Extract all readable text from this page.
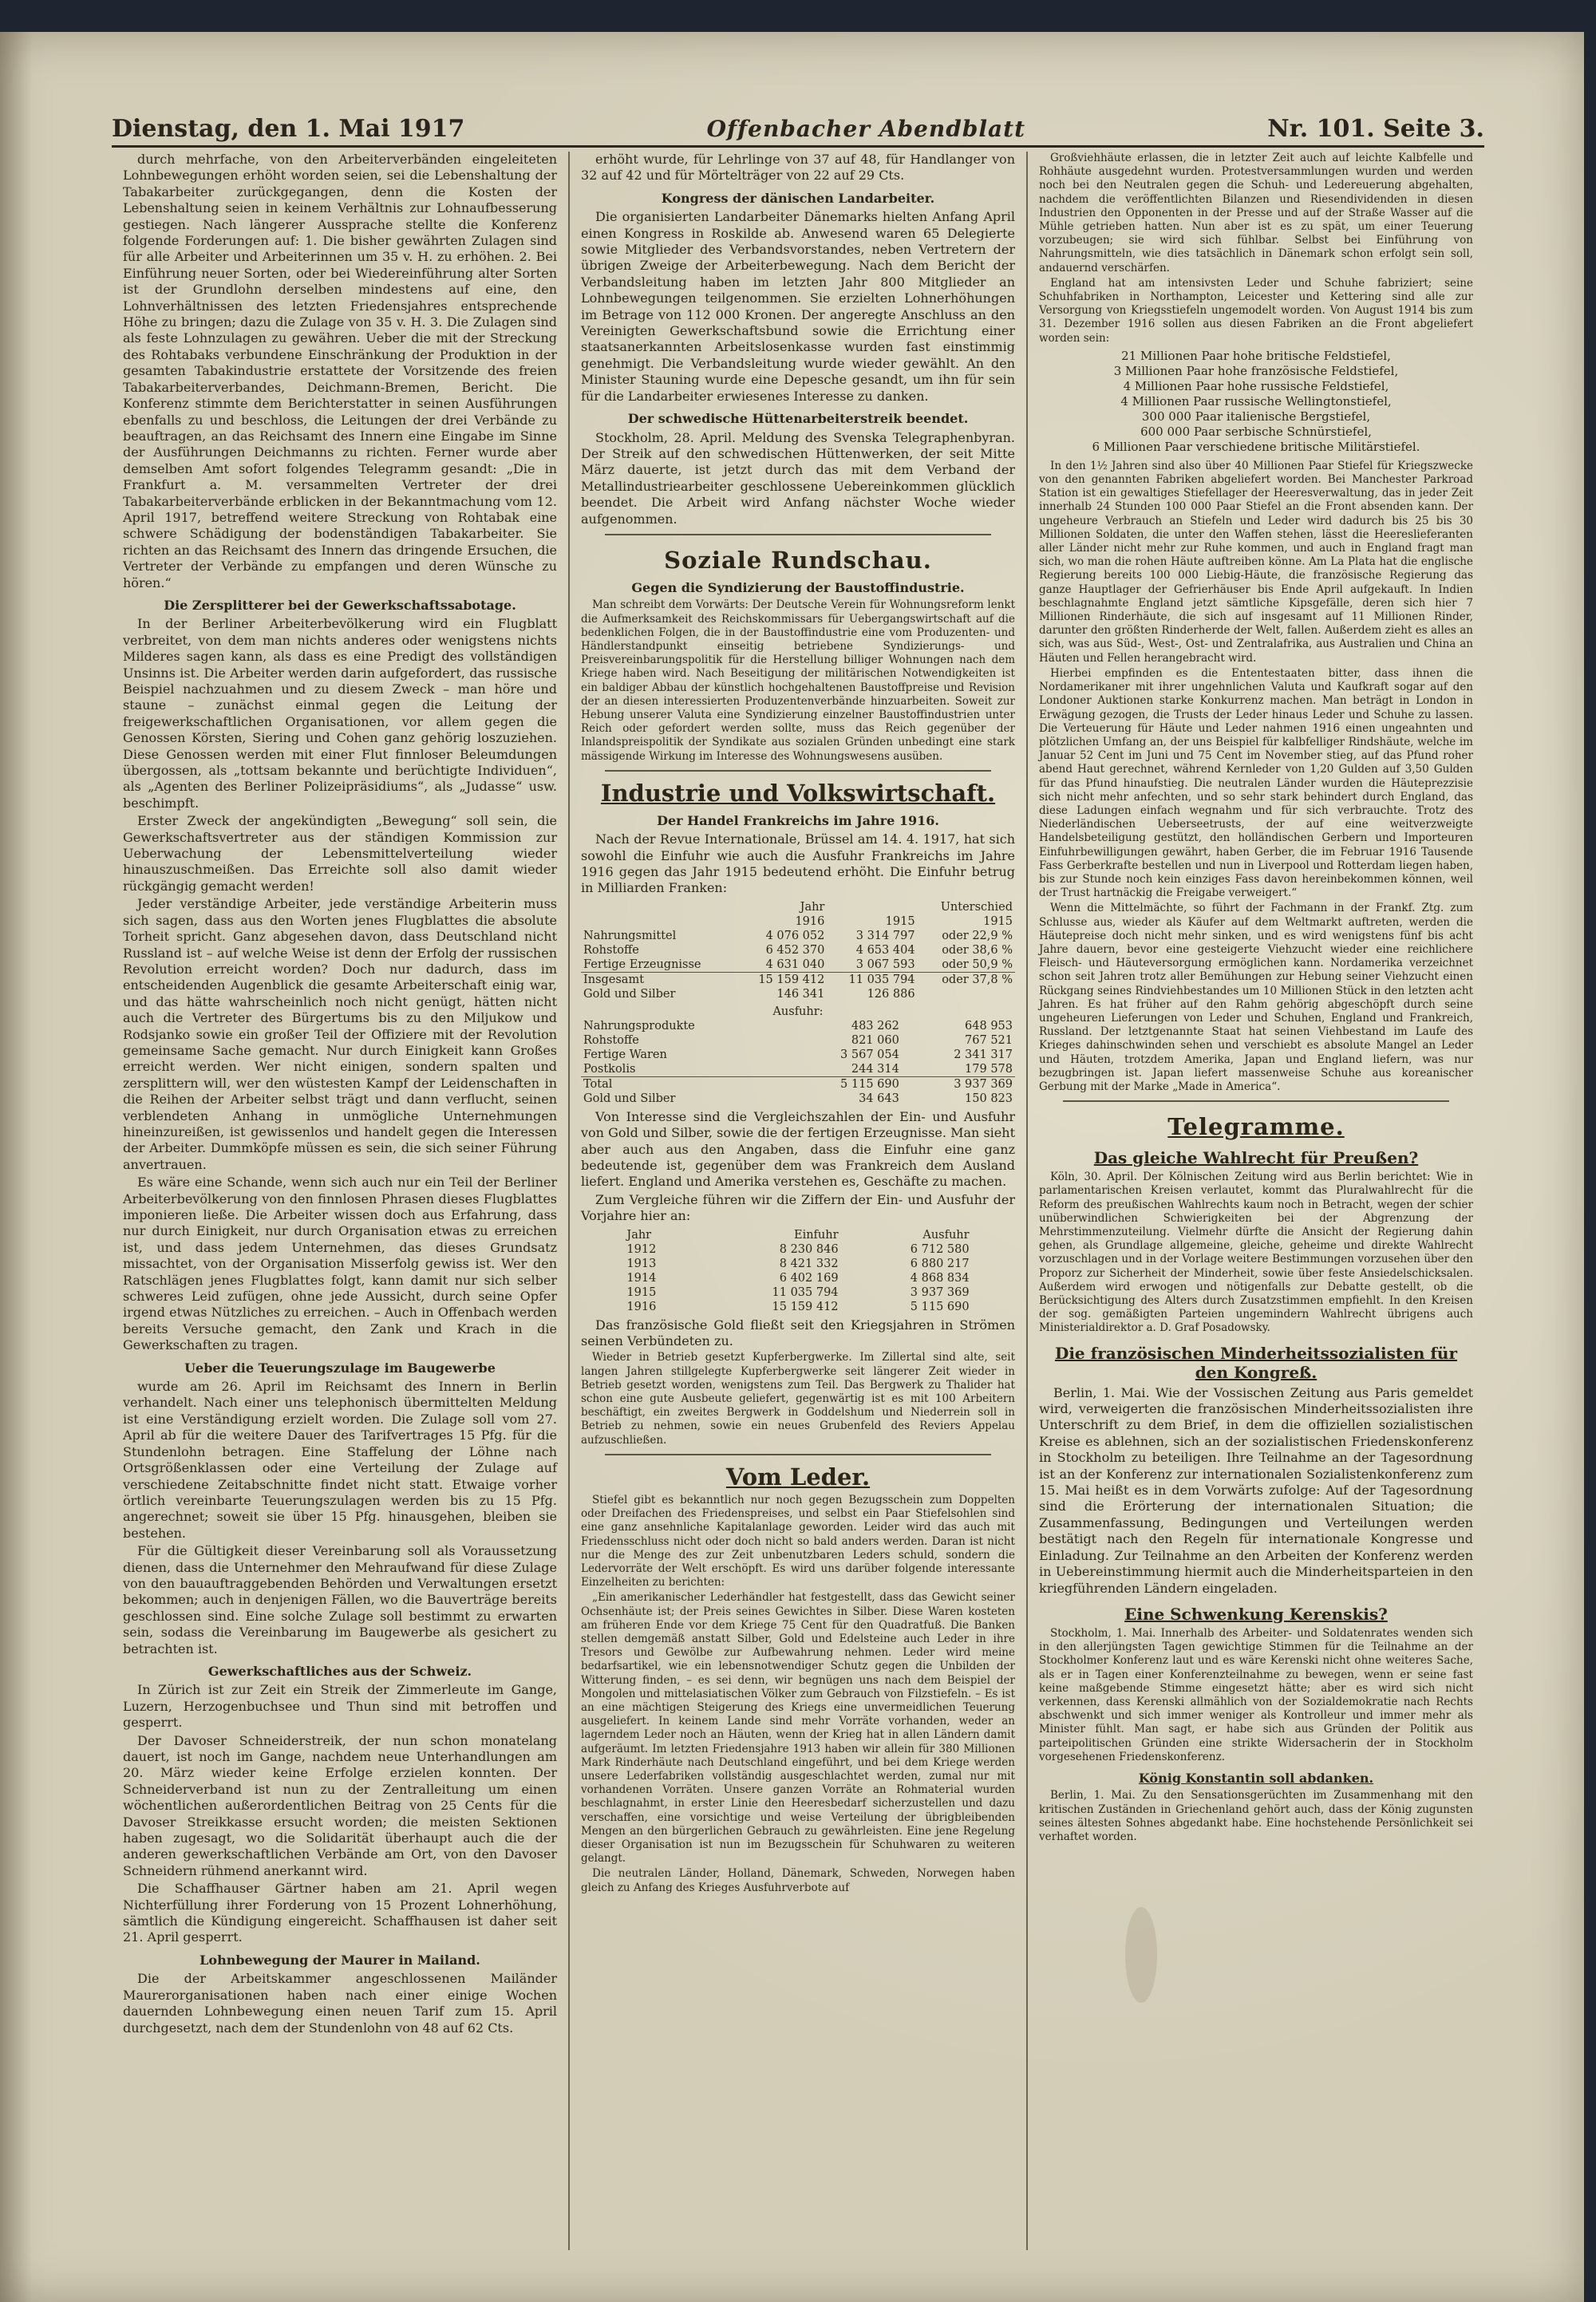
Dienstag, den 1. Mai 1917	Offenbacher Abendblatt	Nr. 101. Seite 3.

durch mehrfache, von den Arbeiterverbänden eingeleiteten Lohnbewegungen erhöht worden seien, sei die Lebenshaltung der Tabakarbeiter zurückgegangen, denn die Kosten der Lebenshaltung seien in keinem Verhältnis zur Lohnaufbesserung gestiegen. Nach längerer Aussprache stellte die Konferenz folgende Forderungen auf: 1. Die bisher gewährten Zulagen sind für alle Arbeiter und Arbeiterinnen um 35 v. H. zu erhöhen. 2. Bei Einführung neuer Sorten, oder bei Wiedereinführung alter Sorten ist der Grundlohn derselben mindestens auf eine, den Lohnverhältnissen des letzten Friedensjahres entsprechende Höhe zu bringen; dazu die Zulage von 35 v. H. 3. Die Zulagen sind als feste Lohnzulagen zu gewähren. Ueber die mit der Streckung des Rohtabaks verbundene Einschränkung der Produktion in der gesamten Tabakindustrie erstattete der Vorsitzende des freien Tabakarbeiterverbandes, Deichmann-Bremen, Bericht. Die Konferenz stimmte dem Berichterstatter in seinen Ausführungen ebenfalls zu und beschloss, die Leitungen der drei Verbände zu beauftragen, an das Reichsamt des Innern eine Eingabe im Sinne der Ausführungen Deichmanns zu richten. Ferner wurde aber demselben Amt sofort folgendes Telegramm gesandt: „Die in Frankfurt a. M. versammelten Vertreter der drei Tabakarbeiterverbände erblicken in der Bekanntmachung vom 12. April 1917, betreffend weitere Streckung von Rohtabak eine schwere Schädigung der bodenständigen Tabakarbeiter. Sie richten an das Reichsamt des Innern das dringende Ersuchen, die Vertreter der Verbände zu empfangen und deren Wünsche zu hören.“

Die Zersplitterer bei der Gewerkschaftssabotage.

In der Berliner Arbeiterbevölkerung wird ein Flugblatt verbreitet, von dem man nichts anderes oder wenigstens nichts Milderes sagen kann, als dass es eine Predigt des vollständigen Unsinns ist. Die Arbeiter werden darin aufgefordert, das russische Beispiel nachzuahmen und zu diesem Zweck – man höre und staune – zunächst einmal gegen die Leitung der freigewerkschaftlichen Organisationen, vor allem gegen die Genossen Körsten, Siering und Cohen ganz gehörig loszuziehen. Diese Genossen werden mit einer Flut finnloser Beleumdungen übergossen, als „tottsam bekannte und berüchtigte Individuen“, als „Agenten des Berliner Polizeipräsidiums“, als „Judasse“ usw. beschimpft.

Erster Zweck der angekündigten „Bewegung“ soll sein, die Gewerkschaftsvertreter aus der ständigen Kommission zur Ueberwachung der Lebensmittelverteilung wieder hinauszuschmeißen. Das Erreichte soll also damit wieder rückgängig gemacht werden!

Jeder verständige Arbeiter, jede verständige Arbeiterin muss sich sagen, dass aus den Worten jenes Flugblattes die absolute Torheit spricht. Ganz abgesehen davon, dass Deutschland nicht Russland ist – auf welche Weise ist denn der Erfolg der russischen Revolution erreicht worden? Doch nur dadurch, dass im entscheidenden Augenblick die gesamte Arbeiterschaft einig war, und das hätte wahrscheinlich noch nicht genügt, hätten nicht auch die Vertreter des Bürgertums bis zu den Miljukow und Rodsjanko sowie ein großer Teil der Offiziere mit der Revolution gemeinsame Sache gemacht. Nur durch Einigkeit kann Großes erreicht werden. Wer nicht einigen, sondern spalten und zersplittern will, wer den wüstesten Kampf der Leidenschaften in die Reihen der Arbeiter selbst trägt und dann verflucht, seinen verblendeten Anhang in unmögliche Unternehmungen hineinzureißen, ist gewissenlos und handelt gegen die Interessen der Arbeiter. Dummköpfe müssen es sein, die sich seiner Führung anvertrauen.

Es wäre eine Schande, wenn sich auch nur ein Teil der Berliner Arbeiterbevölkerung von den finnlosen Phrasen dieses Flugblattes imponieren ließe. Die Arbeiter wissen doch aus Erfahrung, dass nur durch Einigkeit, nur durch Organisation etwas zu erreichen ist, und dass jedem Unternehmen, das dieses Grundsatz missachtet, von der Organisation Misserfolg gewiss ist. Wer den Ratschlägen jenes Flugblattes folgt, kann damit nur sich selber schweres Leid zufügen, ohne jede Aussicht, durch seine Opfer irgend etwas Nützliches zu erreichen. – Auch in Offenbach werden bereits Versuche gemacht, den Zank und Krach in die Gewerkschaften zu tragen.

Ueber die Teuerungszulage im Baugewerbe

wurde am 26. April im Reichsamt des Innern in Berlin verhandelt. Nach einer uns telephonisch übermittelten Meldung ist eine Verständigung erzielt worden. Die Zulage soll vom 27. April ab für die weitere Dauer des Tarifvertrages 15 Pfg. für die Stundenlohn betragen. Eine Staffelung der Löhne nach Ortsgrößenklassen oder eine Verteilung der Zulage auf verschiedene Zeitabschnitte findet nicht statt. Etwaige vorher örtlich vereinbarte Teuerungszulagen werden bis zu 15 Pfg. angerechnet; soweit sie über 15 Pfg. hinausgehen, bleiben sie bestehen.

Für die Gültigkeit dieser Vereinbarung soll als Voraussetzung dienen, dass die Unternehmer den Mehraufwand für diese Zulage von den bauauftraggebenden Behörden und Verwaltungen ersetzt bekommen; auch in denjenigen Fällen, wo die Bauverträge bereits geschlossen sind. Eine solche Zulage soll bestimmt zu erwarten sein, sodass die Vereinbarung im Baugewerbe als gesichert zu betrachten ist.

Gewerkschaftliches aus der Schweiz.

In Zürich ist zur Zeit ein Streik der Zimmerleute im Gange, Luzern, Herzogenbuchsee und Thun sind mit betroffen und gesperrt.

Der Davoser Schneiderstreik, der nun schon monatelang dauert, ist noch im Gange, nachdem neue Unterhandlungen am 20. März wieder keine Erfolge erzielen konnten. Der Schneiderverband ist nun zu der Zentralleitung um einen wöchentlichen außerordentlichen Beitrag von 25 Cents für die Davoser Streikkasse ersucht worden; die meisten Sektionen haben zugesagt, wo die Solidarität überhaupt auch die der anderen gewerkschaftlichen Verbände am Ort, von den Davoser Schneidern rühmend anerkannt wird.

Die Schaffhauser Gärtner haben am 21. April wegen Nichterfüllung ihrer Forderung von 15 Prozent Lohnerhöhung, sämtlich die Kündigung eingereicht. Schaffhausen ist daher seit 21. April gesperrt.

Lohnbewegung der Maurer in Mailand.

Die der Arbeitskammer angeschlossenen Mailänder Maurerorganisationen haben nach einer einige Wochen dauernden Lohnbewegung einen neuen Tarif zum 15. April durchgesetzt, nach dem der Stundenlohn von 48 auf 62 Cts.

erhöht wurde, für Lehrlinge von 37 auf 48, für Handlanger von 32 auf 42 und für Mörtelträger von 22 auf 29 Cts.

Kongress der dänischen Landarbeiter.

Die organisierten Landarbeiter Dänemarks hielten Anfang April einen Kongress in Roskilde ab. Anwesend waren 65 Delegierte sowie Mitglieder des Verbandsvorstandes, neben Vertretern der übrigen Zweige der Arbeiterbewegung. Nach dem Bericht der Verbandsleitung haben im letzten Jahr 800 Mitglieder an Lohnbewegungen teilgenommen. Sie erzielten Lohnerhöhungen im Betrage von 112 000 Kronen. Der angeregte Anschluss an den Vereinigten Gewerkschaftsbund sowie die Errichtung einer staatsanerkannten Arbeitslosenkasse wurden fast einstimmig genehmigt. Die Verbandsleitung wurde wieder gewählt. An den Minister Stauning wurde eine Depesche gesandt, um ihn für sein für die Landarbeiter erwiesenes Interesse zu danken.

Der schwedische Hüttenarbeiterstreik beendet.

Stockholm, 28. April. Meldung des Svenska Telegraphenbyran. Der Streik auf den schwedischen Hüttenwerken, der seit Mitte März dauerte, ist jetzt durch das mit dem Verband der Metallindustriearbeiter geschlossene Uebereinkommen glücklich beendet. Die Arbeit wird Anfang nächster Woche wieder aufgenommen.

Soziale Rundschau.
Gegen die Syndizierung der Baustoffindustrie.

Man schreibt dem Vorwärts: Der Deutsche Verein für Wohnungsreform lenkt die Aufmerksamkeit des Reichskommissars für Uebergangswirtschaft auf die bedenklichen Folgen, die in der Baustoffindustrie eine vom Produzenten- und Händlerstandpunkt einseitig betriebene Syndizierungs- und Preisvereinbarungspolitik für die Herstellung billiger Wohnungen nach dem Kriege haben wird. Nach Beseitigung der militärischen Notwendigkeiten ist ein baldiger Abbau der künstlich hochgehaltenen Baustoffpreise und Revision der an diesen interessierten Produzentenverbände hinzuarbeiten. Soweit zur Hebung unserer Valuta eine Syndizierung einzelner Baustoffindustrien unter Reich oder gefordert werden sollte, muss das Reich gegenüber der Inlandspreispolitik der Syndikate aus sozialen Gründen unbedingt eine stark mässigende Wirkung im Interesse des Wohnungswesens ausüben.

Industrie und Volkswirtschaft.
Der Handel Frankreichs im Jahre 1916.

Nach der Revue Internationale, Brüssel am 14. 4. 1917, hat sich sowohl die Einfuhr wie auch die Ausfuhr Frankreichs im Jahre 1916 gegen das Jahr 1915 bedeutend erhöht. Die Einfuhr betrug in Milliarden Franken:

	Jahr		Unterschied
	1916	1915	1915
Nahrungsmittel	4 076 052	3 314 797	oder 22,9 %
Rohstoffe	6 452 370	4 653 404	oder 38,6 %
Fertige Erzeugnisse	4 631 040	3 067 593	oder 50,9 %
Insgesamt	15 159 412	11 035 794	oder 37,8 %
Gold und Silber	146 341	126 886	
Ausfuhr:		
Nahrungsprodukte	483 262	648 953
Rohstoffe	821 060	767 521
Fertige Waren	3 567 054	2 341 317
Postkolis	244 314	179 578
Total	5 115 690	3 937 369
Gold und Silber	34 643	150 823

Von Interesse sind die Vergleichszahlen der Ein- und Ausfuhr von Gold und Silber, sowie die der fertigen Erzeugnisse. Man sieht aber auch aus den Angaben, dass die Einfuhr eine ganz bedeutende ist, gegenüber dem was Frankreich dem Ausland liefert. England und Amerika verstehen es, Geschäfte zu machen.

Zum Vergleiche führen wir die Ziffern der Ein- und Ausfuhr der Vorjahre hier an:

Jahr	Einfuhr	Ausfuhr
1912	8 230 846	6 712 580
1913	8 421 332	6 880 217
1914	6 402 169	4 868 834
1915	11 035 794	3 937 369
1916	15 159 412	5 115 690

Das französische Gold fließt seit den Kriegsjahren in Strömen seinen Verbündeten zu.

Wieder in Betrieb gesetzt Kupferbergwerke. Im Zillertal sind alte, seit langen Jahren stillgelegte Kupferbergwerke seit längerer Zeit wieder in Betrieb gesetzt worden, wenigstens zum Teil. Das Bergwerk zu Thalider hat schon eine gute Ausbeute geliefert, gegenwärtig ist es mit 100 Arbeitern beschäftigt, ein zweites Bergwerk in Goddelshum und Niederrein soll in Betrieb zu nehmen, sowie ein neues Grubenfeld des Reviers Appelau aufzuschließen.

Vom Leder.

Stiefel gibt es bekanntlich nur noch gegen Bezugsschein zum Doppelten oder Dreifachen des Friedenspreises, und selbst ein Paar Stiefelsohlen sind eine ganz ansehnliche Kapitalanlage geworden. Leider wird das auch mit Friedensschluss nicht oder doch nicht so bald anders werden. Daran ist nicht nur die Menge des zur Zeit unbenutzbaren Leders schuld, sondern die Ledervorräte der Welt erschöpft. Es wird uns darüber folgende interessante Einzelheiten zu berichten:

„Ein amerikanischer Lederhändler hat festgestellt, dass das Gewicht seiner Ochsenhäute ist; der Preis seines Gewichtes in Silber. Diese Waren kosteten am früheren Ende vor dem Kriege 75 Cent für den Quadratfuß. Die Banken stellen demgemäß anstatt Silber, Gold und Edelsteine auch Leder in ihre Tresors und Gewölbe zur Aufbewahrung nehmen. Leder wird meine bedarfsartikel, wie ein lebensnotwendiger Schutz gegen die Unbilden der Witterung finden, – es sei denn, wir begnügen uns nach dem Beispiel der Mongolen und mittelasiatischen Völker zum Gebrauch von Filzstiefeln. – Es ist an eine mächtigen Steigerung des Kriegs eine unvermeidlichen Teuerung ausgeliefert. In keinem Lande sind mehr Vorräte vorhanden, weder an lagerndem Leder noch an Häuten, wenn der Krieg hat in allen Ländern damit aufgeräumt. Im letzten Friedensjahre 1913 haben wir allein für 380 Millionen Mark Rinderhäute nach Deutschland eingeführt, und bei dem Kriege werden unsere Lederfabriken vollständig ausgeschlachtet werden, zumal nur mit vorhandenen Vorräten. Unsere ganzen Vorräte an Rohmaterial wurden beschlagnahmt, in erster Linie den Heeresbedarf sicherzustellen und dazu verschaffen, eine vorsichtige und weise Verteilung der übrigbleibenden Mengen an den bürgerlichen Gebrauch zu gewährleisten. Eine jene Regelung dieser Organisation ist nun im Bezugsschein für Schuhwaren zu weiteren gelangt.

Die neutralen Länder, Holland, Dänemark, Schweden, Norwegen haben gleich zu Anfang des Krieges Ausfuhrverbote auf

Großviehhäute erlassen, die in letzter Zeit auch auf leichte Kalbfelle und Rohhäute ausgedehnt wurden. Protestversammlungen wurden und werden noch bei den Neutralen gegen die Schuh- und Ledereuerung abgehalten, nachdem die veröffentlichten Bilanzen und Riesendividenden in diesen Industrien den Opponenten in der Presse und auf der Straße Wasser auf die Mühle getrieben hatten. Nun aber ist es zu spät, um einer Teuerung vorzubeugen; sie wird sich fühlbar. Selbst bei Einführung von Nahrungsmitteln, wie dies tatsächlich in Dänemark schon erfolgt sein soll, andauernd verschärfen.

England hat am intensivsten Leder und Schuhe fabriziert; seine Schuhfabriken in Northampton, Leicester und Kettering sind alle zur Versorgung von Kriegsstiefeln ungemodelt worden. Von August 1914 bis zum 31. Dezember 1916 sollen aus diesen Fabriken an die Front abgeliefert worden sein:

21 Millionen Paar hohe britische Feldstiefel,
3 Millionen Paar hohe französische Feldstiefel,
4 Millionen Paar hohe russische Feldstiefel,
4 Millionen Paar russische Wellingtonstiefel,
300 000 Paar italienische Bergstiefel,
600 000 Paar serbische Schnürstiefel,
6 Millionen Paar verschiedene britische Militärstiefel.

In den 1½ Jahren sind also über 40 Millionen Paar Stiefel für Kriegszwecke von den genannten Fabriken abgeliefert worden. Bei Manchester Parkroad Station ist ein gewaltiges Stiefellager der Heeresverwaltung, das in jeder Zeit innerhalb 24 Stunden 100 000 Paar Stiefel an die Front absenden kann. Der ungeheure Verbrauch an Stiefeln und Leder wird dadurch bis 25 bis 30 Millionen Soldaten, die unter den Waffen stehen, lässt die Heereslieferanten aller Länder nicht mehr zur Ruhe kommen, und auch in England fragt man sich, wo man die rohen Häute auftreiben könne. Am La Plata hat die englische Regierung bereits 100 000 Liebig-Häute, die französische Regierung das ganze Hauptlager der Gefrierhäuser bis Ende April aufgekauft. In Indien beschlagnahmte England jetzt sämtliche Kipsgefälle, deren sich hier 7 Millionen Rinderhäute, die sich auf insgesamt auf 11 Millionen Rinder, darunter den größten Rinderherde der Welt, fallen. Außerdem zieht es alles an sich, was aus Süd-, West-, Ost- und Zentralafrika, aus Australien und China an Häuten und Fellen herangebracht wird.

Hierbei empfinden es die Ententestaaten bitter, dass ihnen die Nordamerikaner mit ihrer ungehnlichen Valuta und Kaufkraft sogar auf den Londoner Auktionen starke Konkurrenz machen. Man beträgt in London in Erwägung gezogen, die Trusts der Leder hinaus Leder und Schuhe zu lassen. Die Verteuerung für Häute und Leder nahmen 1916 einen ungeahnten und plötzlichen Umfang an, der uns Beispiel für kalbfelliger Rindshäute, welche im Januar 52 Cent im Juni und 75 Cent im November stieg, auf das Pfund roher abend Haut gerechnet, während Kernleder von 1,20 Gulden auf 3,50 Gulden für das Pfund hinaufstieg. Die neutralen Länder wurden die Häuteprezzisie sich nicht mehr anfechten, und so sehr stark behindert durch England, das diese Ladungen einfach wegnahm und für sich verbrauchte. Trotz des Niederländischen Ueberseetrusts, der auf eine weitverzweigte Handelsbeteiligung gestützt, den holländischen Gerbern und Importeuren Einfuhrbewilligungen gewährt, haben Gerber, die im Februar 1916 Tausende Fass Gerberkrafte bestellen und nun in Liverpool und Rotterdam liegen haben, bis zur Stunde noch kein einziges Fass davon hereinbekommen können, weil der Trust hartnäckig die Freigabe verweigert.“

Wenn die Mittelmächte, so führt der Fachmann in der Frankf. Ztg. zum Schlusse aus, wieder als Käufer auf dem Weltmarkt auftreten, werden die Häutepreise doch nicht mehr sinken, und es wird wenigstens fünf bis acht Jahre dauern, bevor eine gesteigerte Viehzucht wieder eine reichlichere Fleisch- und Häuteversorgung ermöglichen kann. Nordamerika verzeichnet schon seit Jahren trotz aller Bemühungen zur Hebung seiner Viehzucht einen Rückgang seines Rindviehbestandes um 10 Millionen Stück in den letzten acht Jahren. Es hat früher auf den Rahm gehörig abgeschöpft durch seine ungeheuren Lieferungen von Leder und Schuhen, England und Frankreich, Russland. Der letztgenannte Staat hat seinen Viehbestand im Laufe des Krieges dahinschwinden sehen und verschiebt es absolute Mangel an Leder und Häuten, trotzdem Amerika, Japan und England liefern, was nur bezugbringen ist. Japan liefert massenweise Schuhe aus koreanischer Gerbung mit der Marke „Made in America“.

Telegramme.
Das gleiche Wahlrecht für Preußen?

Köln, 30. April. Der Kölnischen Zeitung wird aus Berlin berichtet: Wie in parlamentarischen Kreisen verlautet, kommt das Pluralwahlrecht für die Reform des preußischen Wahlrechts kaum noch in Betracht, wegen der schier unüberwindlichen Schwierigkeiten bei der Abgrenzung der Mehrstimmenzuteilung. Vielmehr dürfte die Ansicht der Regierung dahin gehen, als Grundlage allgemeine, gleiche, geheime und direkte Wahlrecht vorzuschlagen und in der Vorlage weitere Bestimmungen vorzusehen über den Proporz zur Sicherheit der Minderheit, sowie über feste Ansiedelschicksalen. Außerdem wird erwogen und nötigenfalls zur Debatte gestellt, ob die Berücksichtigung des Alters durch Zusatzstimmen empfiehlt. In den Kreisen der sog. gemäßigten Parteien ungemindern Wahlrecht übrigens auch Ministerialdirektor a. D. Graf Posadowsky.

Die französischen Minderheitssozialisten für den Kongreß.

Berlin, 1. Mai. Wie der Vossischen Zeitung aus Paris gemeldet wird, verweigerten die französischen Minderheitssozialisten ihre Unterschrift zu dem Brief, in dem die offiziellen sozialistischen Kreise es ablehnen, sich an der sozialistischen Friedenskonferenz in Stockholm zu beteiligen. Ihre Teilnahme an der Tagesordnung ist an der Konferenz zur internationalen Sozialistenkonferenz zum 15. Mai heißt es in dem Vorwärts zufolge: Auf der Tagesordnung sind die Erörterung der internationalen Situation; die Zusammenfassung, Bedingungen und Verteilungen werden bestätigt nach den Regeln für internationale Kongresse und Einladung. Zur Teilnahme an den Arbeiten der Konferenz werden in Uebereinstimmung hiermit auch die Minderheitsparteien in den kriegführenden Ländern eingeladen.

Eine Schwenkung Kerenskis?

Stockholm, 1. Mai. Innerhalb des Arbeiter- und Soldatenrates wenden sich in den allerjüngsten Tagen gewichtige Stimmen für die Teilnahme an der Stockholmer Konferenz laut und es wäre Kerenski nicht ohne weiteres Sache, als er in Tagen einer Konferenzteilnahme zu bewegen, wenn er seine fast keine maßgebende Stimme eingesetzt hätte; aber es wird sich nicht verkennen, dass Kerenski allmählich von der Sozialdemokratie nach Rechts abschwenkt und sich immer weniger als Kontrolleur und immer mehr als Minister fühlt. Man sagt, er habe sich aus Gründen der Politik aus parteipolitischen Gründen eine strikte Widersacherin der in Stockholm vorgesehenen Friedenskonferenz.

König Konstantin soll abdanken.

Berlin, 1. Mai. Zu den Sensationsgerüchten im Zusammenhang mit den kritischen Zuständen in Griechenland gehört auch, dass der König zugunsten seines ältesten Sohnes abgedankt habe. Eine hochstehende Persönlichkeit sei verhaftet worden.
